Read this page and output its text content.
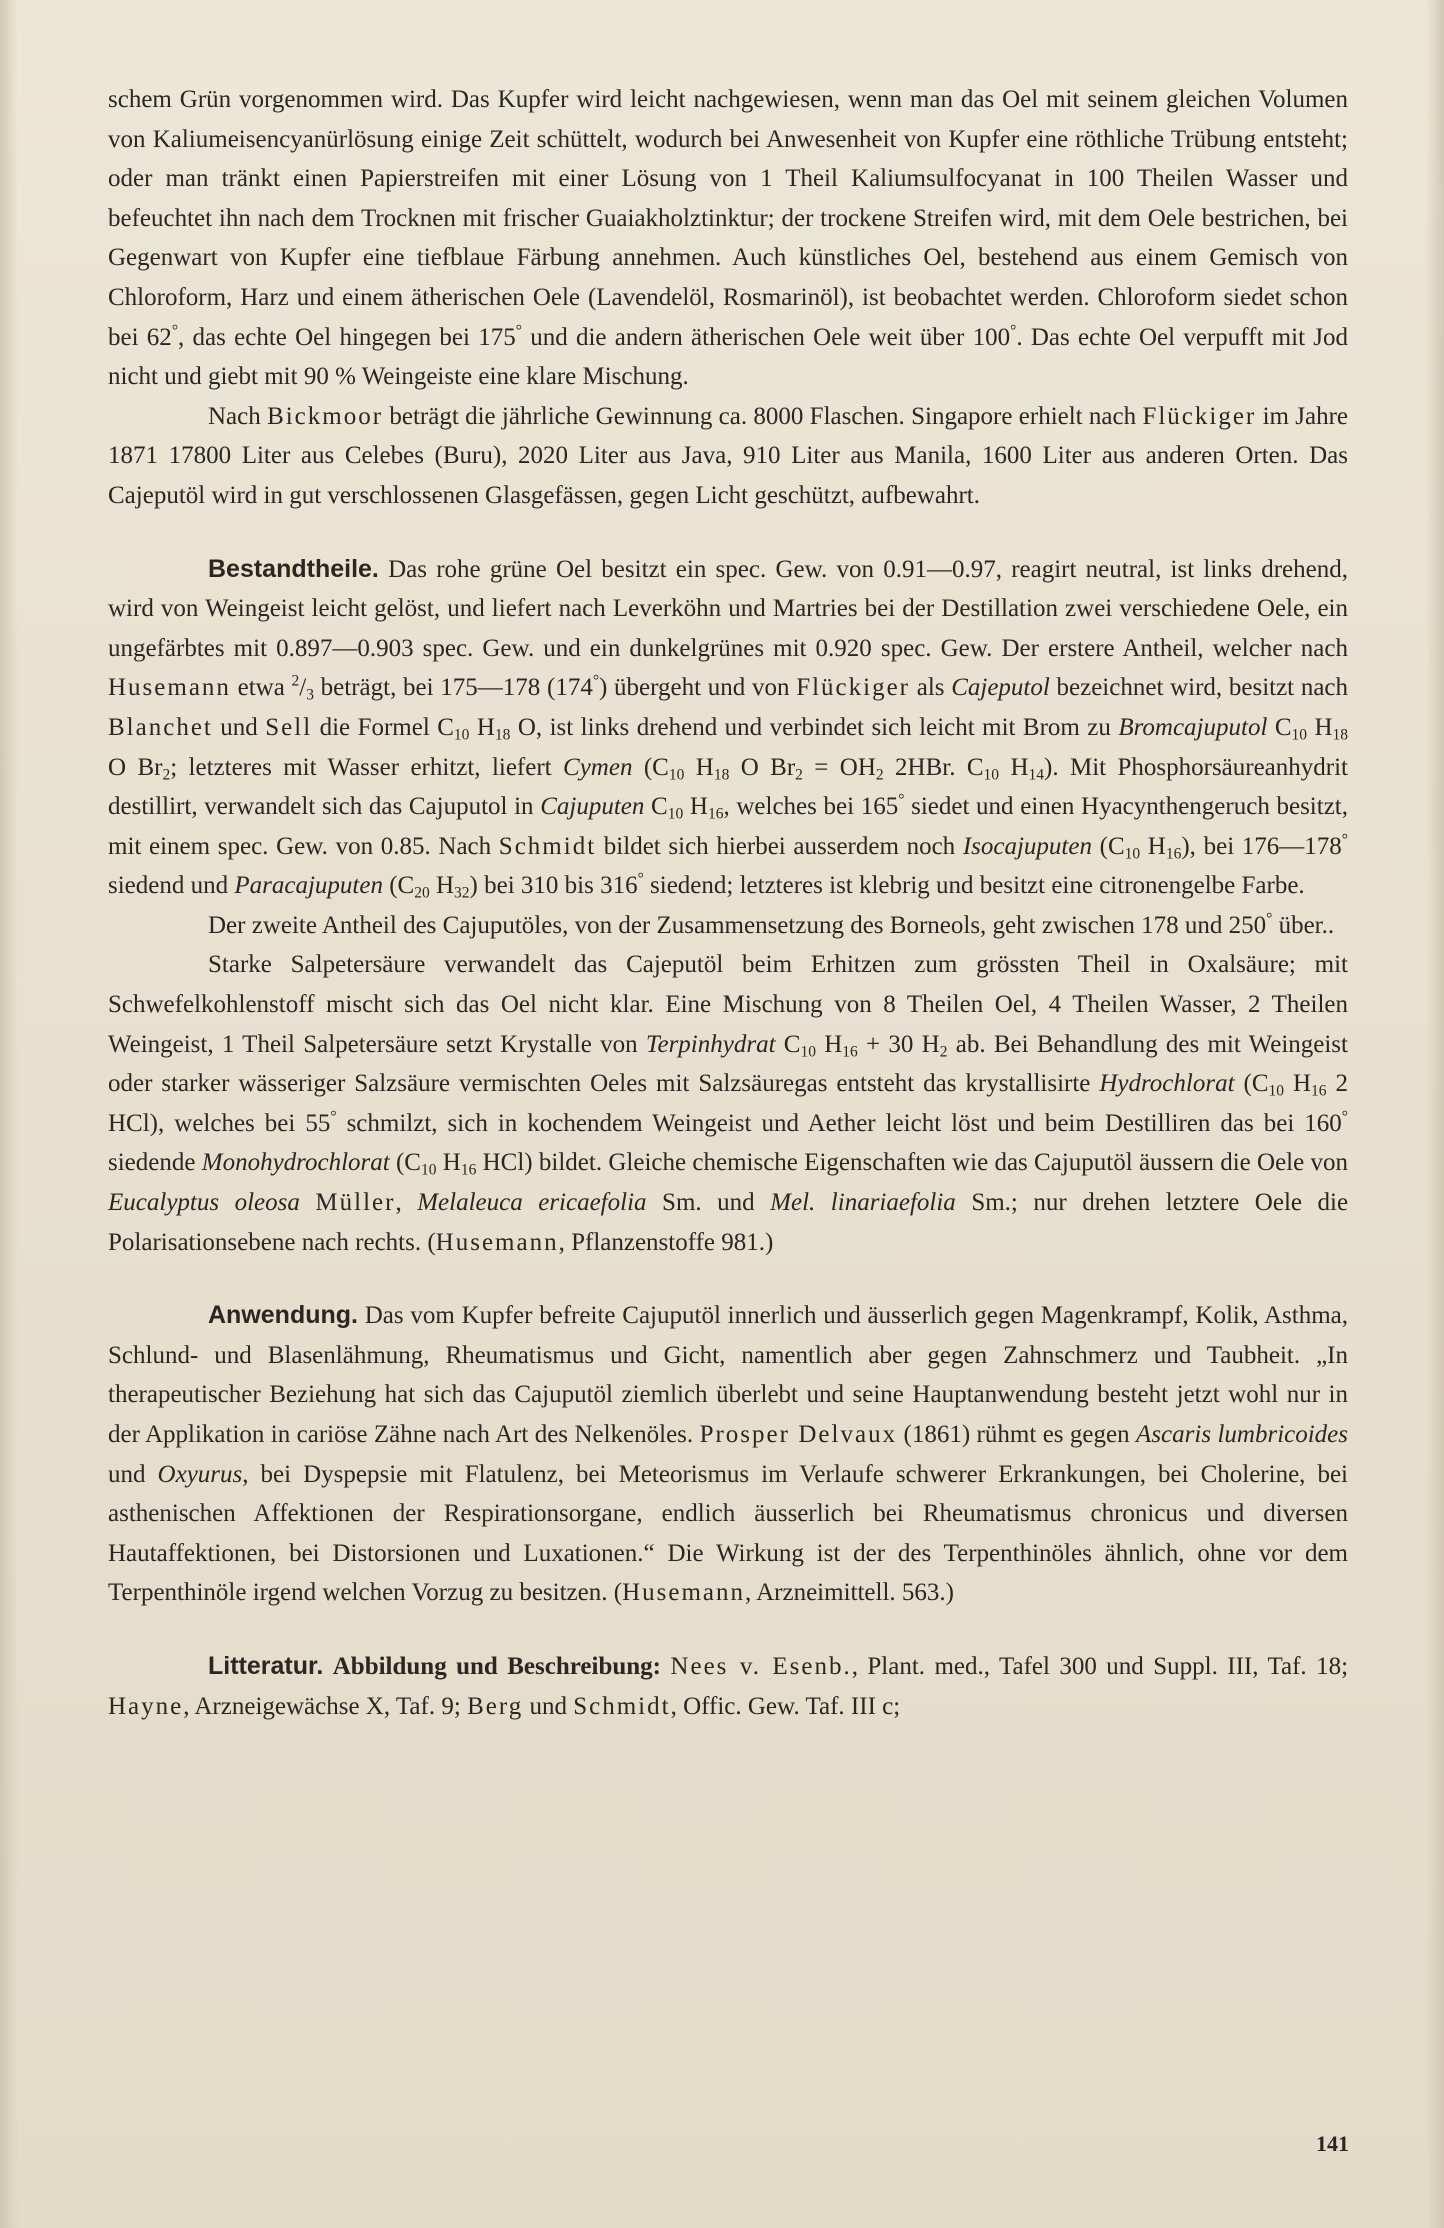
schem Grün vorgenommen wird. Das Kupfer wird leicht nachgewiesen, wenn man das Oel mit seinem gleichen Volumen von Kaliumeisencyanürlösung einige Zeit schüttelt, wodurch bei Anwesenheit von Kupfer eine röthliche Trübung entsteht; oder man tränkt einen Papierstreifen mit einer Lösung von 1 Theil Kaliumsulfocyanat in 100 Theilen Wasser und befeuchtet ihn nach dem Trocknen mit frischer Guaiakholztinktur; der trockene Streifen wird, mit dem Oele bestrichen, bei Gegenwart von Kupfer eine tiefblaue Färbung annehmen. Auch künstliches Oel, bestehend aus einem Gemisch von Chloroform, Harz und einem ätherischen Oele (Lavendelöl, Rosmarinöl), ist beobachtet werden. Chloroform siedet schon bei 62°, das echte Oel hingegen bei 175° und die andern ätherischen Oele weit über 100°. Das echte Oel verpufft mit Jod nicht und giebt mit 90 % Weingeiste eine klare Mischung.

Nach Bickmoor beträgt die jährliche Gewinnung ca. 8000 Flaschen. Singapore erhielt nach Flückiger im Jahre 1871 17800 Liter aus Celebes (Buru), 2020 Liter aus Java, 910 Liter aus Manila, 1600 Liter aus anderen Orten. Das Cajeputöl wird in gut verschlossenen Glasgefässen, gegen Licht geschützt, aufbewahrt.

Bestandtheile. Das rohe grüne Oel besitzt ein spec. Gew. von 0.91—0.97, reagirt neutral, ist links drehend, wird von Weingeist leicht gelöst, und liefert nach Leverköhn und Martries bei der Destillation zwei verschiedene Oele, ein ungefärbtes mit 0.897—0.903 spec. Gew. und ein dunkelgrünes mit 0.920 spec. Gew. Der erstere Antheil, welcher nach Husemann etwa $^2/_3$ beträgt, bei 175—178 (174°) übergeht und von Flückiger als Cajeputol bezeichnet wird, besitzt nach Blanchet und Sell die Formel $C_{10}$ $H_{18}$ O, ist links drehend und verbindet sich leicht mit Brom zu Bromcajuputol $C_{10}$ $H_{18}$ O $Br_2$; letzteres mit Wasser erhitzt, liefert Cymen ($C_{10}$ $H_{18}$ O $Br_2 = OH_2$ 2HBr. $C_{10}$ $H_{14}$). Mit Phosphorsäureanhydrit destillirt, verwandelt sich das Cajuputol in Cajuputen $C_{10}$ $H_{16}$, welches bei 165° siedet und einen Hyacynthengeruch besitzt, mit einem spec. Gew. von 0.85. Nach Schmidt bildet sich hierbei ausserdem noch Isocajuputen ($C_{10}$ $H_{16}$), bei 176—178° siedend und Paracajuputen ($C_{20}$ $H_{32}$) bei 310 bis 316° siedend; letzteres ist klebrig und besitzt eine citronengelbe Farbe.

Der zweite Antheil des Cajuputöles, von der Zusammensetzung des Borneols, geht zwischen 178 und 250° über..

Starke Salpetersäure verwandelt das Cajeputöl beim Erhitzen zum grössten Theil in Oxalsäure; mit Schwefelkohlenstoff mischt sich das Oel nicht klar. Eine Mischung von 8 Theilen Oel, 4 Theilen Wasser, 2 Theilen Weingeist, 1 Theil Salpetersäure setzt Krystalle von Terpinhydrat $C_{10}$ $H_{16} + 30$ $H_2$ ab. Bei Behandlung des mit Weingeist oder starker wässeriger Salzsäure vermischten Oeles mit Salzsäuregas entsteht das krystallisirte Hydrochlorat ($C_{10}$ $H_{16}$ 2 HCl), welches bei 55° schmilzt, sich in kochendem Weingeist und Aether leicht löst und beim Destilliren das bei 160° siedende Monohydrochlorat ($C_{10}$ $H_{16}$ HCl) bildet. Gleiche chemische Eigenschaften wie das Cajuputöl äussern die Oele von Eucalyptus oleosa Müller, Melaleuca ericaefolia Sm. und Mel. linariaefolia Sm.; nur drehen letztere Oele die Polarisationsebene nach rechts. (Husemann, Pflanzenstoffe 981.)

Anwendung. Das vom Kupfer befreite Cajuputöl innerlich und äusserlich gegen Magenkrampf, Kolik, Asthma, Schlund- und Blasenlähmung, Rheumatismus und Gicht, namentlich aber gegen Zahnschmerz und Taubheit. „In therapeutischer Beziehung hat sich das Cajuputöl ziemlich überlebt und seine Hauptanwendung besteht jetzt wohl nur in der Applikation in cariöse Zähne nach Art des Nelkenöles. Prosper Delvaux (1861) rühmt es gegen Ascaris lumbricoides und Oxyurus, bei Dyspepsie mit Flatulenz, bei Meteorismus im Verlaufe schwerer Erkrankungen, bei Cholerine, bei asthenischen Affektionen der Respirationsorgane, endlich äusserlich bei Rheumatismus chronicus und diversen Hautaffektionen, bei Distorsionen und Luxationen.“ Die Wirkung ist der des Terpenthinöles ähnlich, ohne vor dem Terpenthinöle irgend welchen Vorzug zu besitzen. (Husemann, Arzneimittell. 563.)

Litteratur. Abbildung und Beschreibung: Nees v. Esenb., Plant. med., Tafel 300 und Suppl. III, Taf. 18; Hayne, Arzneigewächse X, Taf. 9; Berg und Schmidt, Offic. Gew. Taf. III c;

141
